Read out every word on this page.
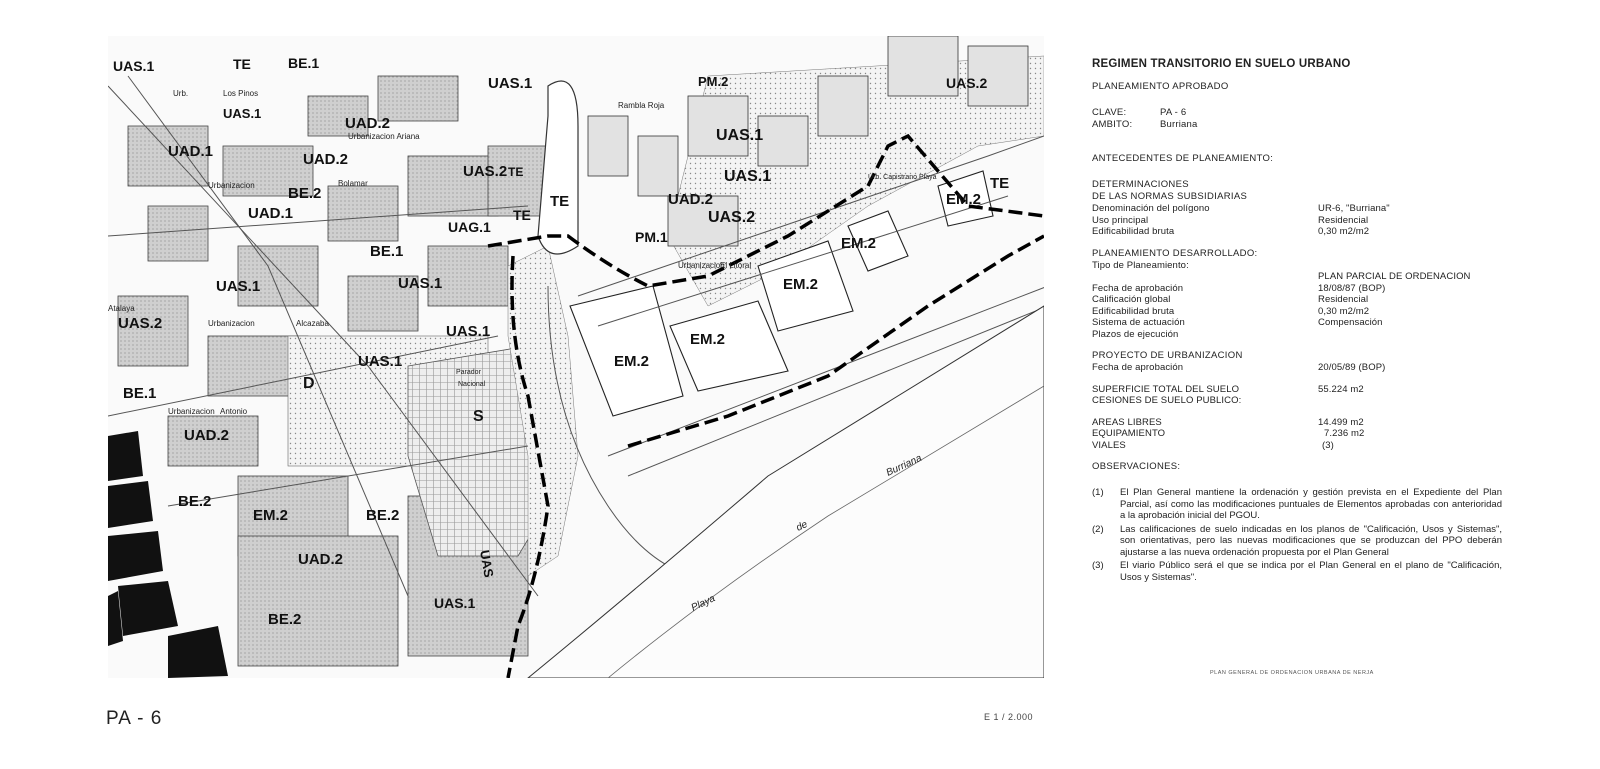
UAS.1	TE	BE.1
Urb.	Los Pinos
UAS.1
PM.2	UAS.2
UAD.2
Urbanizacion Ariana
UAD.1	UAD.2
UAS.2
UAS.1
TE
Urbanizacion	Bolamar
BE.2
Rambla Roja
UAS.1
UAS.1
UAS.2
Urb. Capistrano Playa	TE
UAD.1	TE
UAG.1
EM.2
UAD.2
BE.1
TE
PM.1	EM.2
Atalaya
UAS.1	UAS.1
Urbanizacion
El Litoral
EM.2
UAS.2	Urbanizacion	Alcazaba	UAS.1	EM.2
EM.2
UAS.1
BE.1
Urbanizacion Antonio
D
S
Parador
Nacional
UAD.2
BE.2
EM.2	BE.2
UAD.2
BE.2
UAS.1
UAS
Burriana
Playa
de
REGIMEN TRANSITORIO EN SUELO URBANO
PLANEAMIENTO APROBADO
CLAVE:	PA - 6
AMBITO:	Burriana
ANTECEDENTES DE PLANEAMIENTO:
DETERMINACIONES
DE LAS NORMAS SUBSIDIARIAS
Denominación del polígono	UR-6, "Burriana"
Uso principal	Residencial
Edificabilidad bruta	0,30 m2/m2
PLANEAMIENTO DESARROLLADO:
Tipo de Planeamiento:
PLAN PARCIAL DE ORDENACION
Fecha de aprobación	18/08/87 (BOP)
Calificación global	Residencial
Edificabilidad bruta	0,30 m2/m2
Sistema de actuación	Compensación
Plazos de ejecución
PROYECTO DE URBANIZACION
Fecha de aprobación	20/05/89 (BOP)
SUPERFICIE TOTAL DEL SUELO	55.224 m2
CESIONES DE SUELO PUBLICO:
AREAS LIBRES	14.499 m2
EQUIPAMIENTO	7.236 m2
VIALES	(3)
OBSERVACIONES:
(1)	El Plan General mantiene la ordenación y gestión prevista en el Expediente del Plan Parcial, así como las modificaciones puntuales de Elementos aprobadas con anterioridad a la aprobación inicial del PGOU.
(2)	Las calificaciones de suelo indicadas en los planos de "Calificación, Usos y Sistemas", son orientativas, pero las nuevas modificaciones que se produzcan del PPO deberán ajustarse a las nueva ordenación propuesta por el Plan General
(3)	El viario Público será el que se indica por el Plan General en el plano de "Calificación, Usos y Sistemas".
PLAN GENERAL DE ORDENACION URBANA DE NERJA
PA - 6	E 1 / 2.000
